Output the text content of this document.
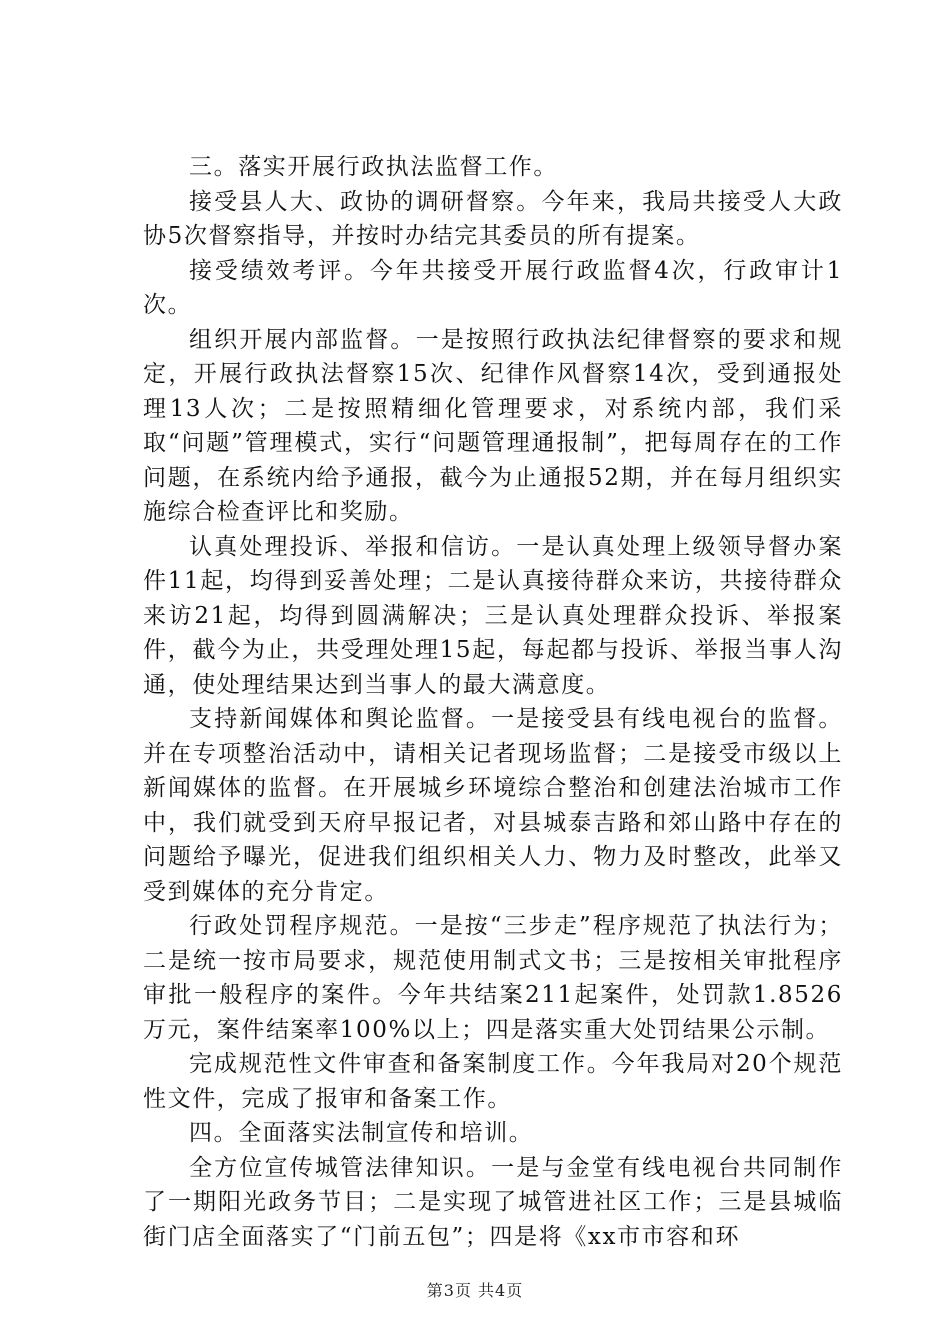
三。落实开展行政执法监督工作。

接受县人大、政协的调研督察。今年来，我局共接受人大政协5次督察指导，并按时办结完其委员的所有提案。

接受绩效考评。今年共接受开展行政监督4次，行政审计1次。

组织开展内部监督。一是按照行政执法纪律督察的要求和规定，开展行政执法督察15次、纪律作风督察14次，受到通报处理13人次；二是按照精细化管理要求，对系统内部，我们采取“问题”管理模式，实行“问题管理通报制”，把每周存在的工作问题，在系统内给予通报，截今为止通报52期，并在每月组织实施综合检查评比和奖励。

认真处理投诉、举报和信访。一是认真处理上级领导督办案件11起，均得到妥善处理；二是认真接待群众来访，共接待群众来访21起，均得到圆满解决；三是认真处理群众投诉、举报案件，截今为止，共受理处理15起，每起都与投诉、举报当事人沟通，使处理结果达到当事人的最大满意度。

支持新闻媒体和舆论监督。一是接受县有线电视台的监督。并在专项整治活动中，请相关记者现场监督；二是接受市级以上新闻媒体的监督。在开展城乡环境综合整治和创建法治城市工作中，我们就受到天府早报记者，对县城泰吉路和郊山路中存在的问题给予曝光，促进我们组织相关人力、物力及时整改，此举又受到媒体的充分肯定。

行政处罚程序规范。一是按“三步走”程序规范了执法行为；二是统一按市局要求，规范使用制式文书；三是按相关审批程序审批一般程序的案件。今年共结案211起案件，处罚款1.8526万元，案件结案率100%以上；四是落实重大处罚结果公示制。

完成规范性文件审查和备案制度工作。今年我局对20个规范性文件，完成了报审和备案工作。

四。全面落实法制宣传和培训。

全方位宣传城管法律知识。一是与金堂有线电视台共同制作了一期阳光政务节目；二是实现了城管进社区工作；三是县城临街门店全面落实了“门前五包”；四是将《xx市市容和环

第3页 共4页
